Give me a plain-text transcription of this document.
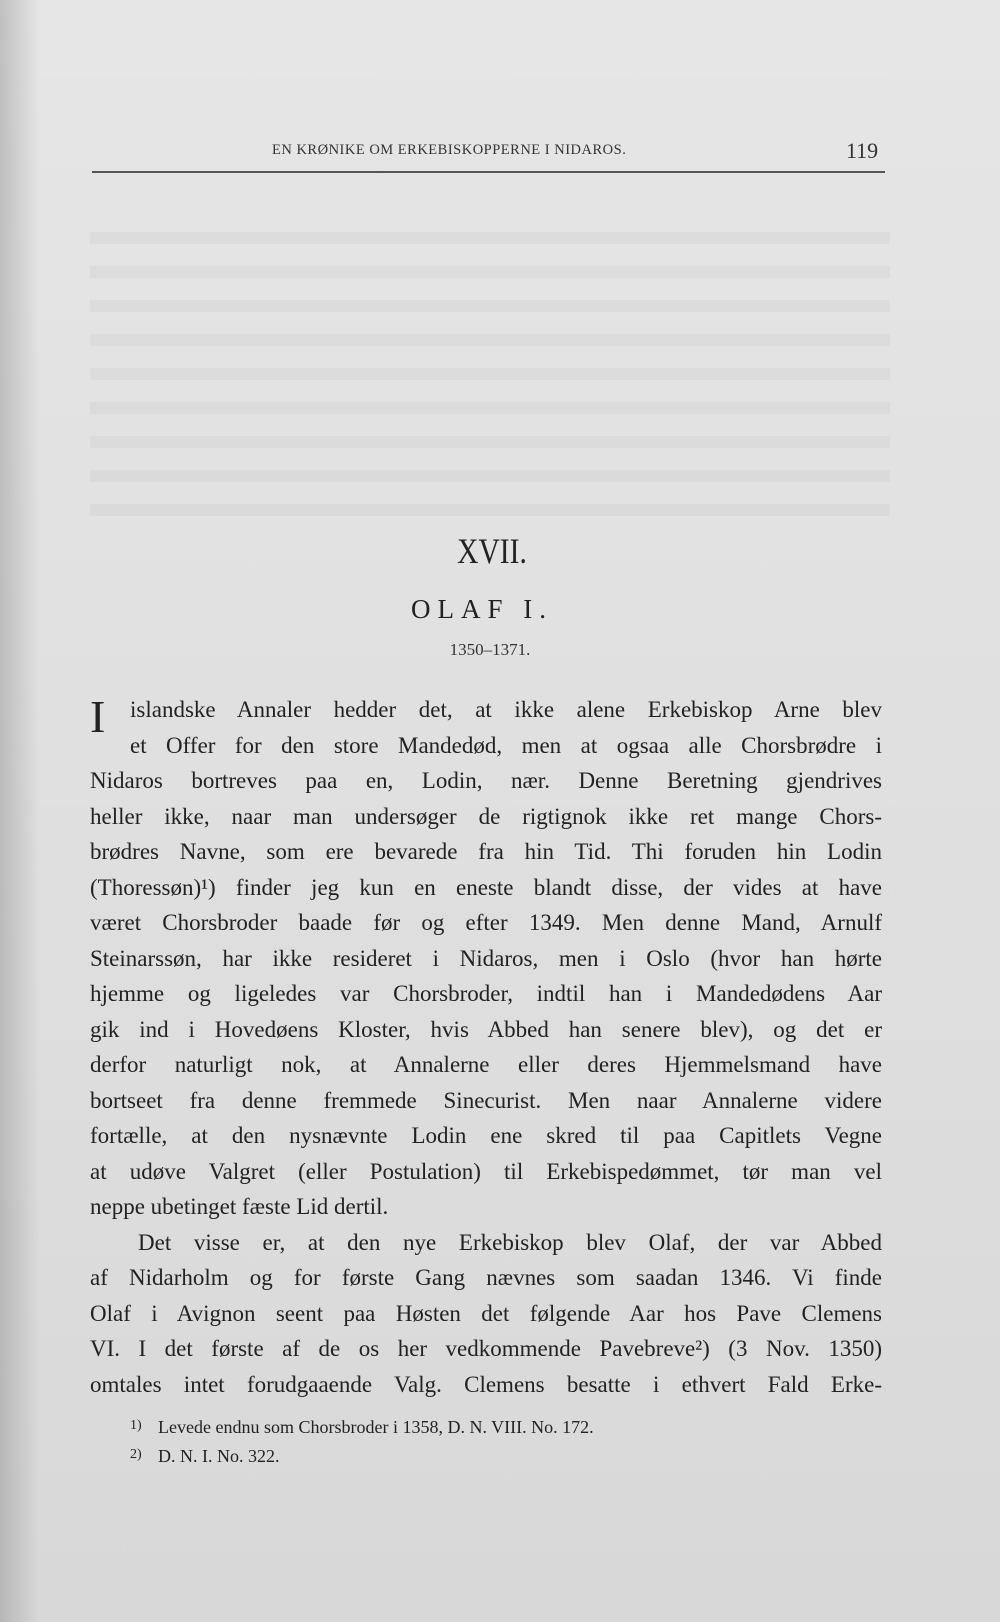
EN KRØNIKE OM ERKEBISKOPPERNE I NIDAROS.	119
XVII.
OLAF I.
1350–1371.
I	islandske Annaler hedder det, at ikke alene Erkebiskop Arne blev
et Offer for den store Mandedød, men at ogsaa alle Chorsbrødre i
Nidaros bortreves paa en, Lodin, nær. Denne Beretning gjendrives
heller ikke, naar man undersøger de rigtignok ikke ret mange Chors-
brødres Navne, som ere bevarede fra hin Tid. Thi foruden hin Lodin
(Thoressøn)¹) finder jeg kun en eneste blandt disse, der vides at have
været Chorsbroder baade før og efter 1349. Men denne Mand, Arnulf
Steinarssøn, har ikke resideret i Nidaros, men i Oslo (hvor han hørte
hjemme og ligeledes var Chorsbroder, indtil han i Mandedødens Aar
gik ind i Hovedøens Kloster, hvis Abbed han senere blev), og det er
derfor naturligt nok, at Annalerne eller deres Hjemmelsmand have
bortseet fra denne fremmede Sinecurist. Men naar Annalerne videre
fortælle, at den nysnævnte Lodin ene skred til paa Capitlets Vegne
at udøve Valgret (eller Postulation) til Erkebispedømmet, tør man vel
neppe ubetinget fæste Lid dertil.
Det visse er, at den nye Erkebiskop blev Olaf, der var Abbed
af Nidarholm og for første Gang nævnes som saadan 1346. Vi finde
Olaf i Avignon seent paa Høsten det følgende Aar hos Pave Clemens
VI. I det første af de os her vedkommende Pavebreve²) (3 Nov. 1350)
omtales intet forudgaaende Valg. Clemens besatte i ethvert Fald Erke-
1) Levede endnu som Chorsbroder i 1358, D. N. VIII. No. 172.
2) D. N. I. No. 322.
